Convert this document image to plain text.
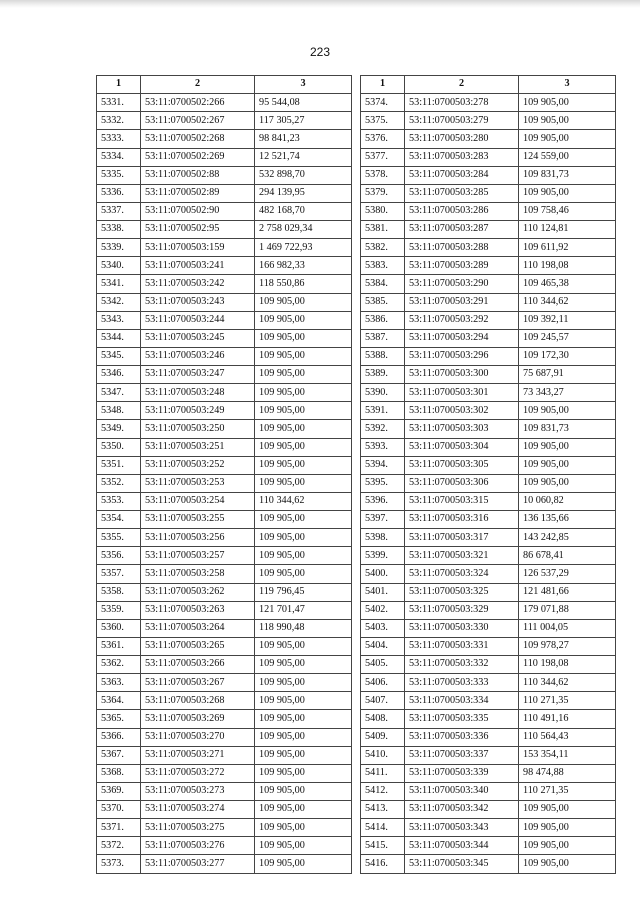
223
1	2	3
5331.	53:11:0700502:266	95 544,08
5332.	53:11:0700502:267	117 305,27
5333.	53:11:0700502:268	98 841,23
5334.	53:11:0700502:269	12 521,74
5335.	53:11:0700502:88	532 898,70
5336.	53:11:0700502:89	294 139,95
5337.	53:11:0700502:90	482 168,70
5338.	53:11:0700502:95	2 758 029,34
5339.	53:11:0700503:159	1 469 722,93
5340.	53:11:0700503:241	166 982,33
5341.	53:11:0700503:242	118 550,86
5342.	53:11:0700503:243	109 905,00
5343.	53:11:0700503:244	109 905,00
5344.	53:11:0700503:245	109 905,00
5345.	53:11:0700503:246	109 905,00
5346.	53:11:0700503:247	109 905,00
5347.	53:11:0700503:248	109 905,00
5348.	53:11:0700503:249	109 905,00
5349.	53:11:0700503:250	109 905,00
5350.	53:11:0700503:251	109 905,00
5351.	53:11:0700503:252	109 905,00
5352.	53:11:0700503:253	109 905,00
5353.	53:11:0700503:254	110 344,62
5354.	53:11:0700503:255	109 905,00
5355.	53:11:0700503:256	109 905,00
5356.	53:11:0700503:257	109 905,00
5357.	53:11:0700503:258	109 905,00
5358.	53:11:0700503:262	119 796,45
5359.	53:11:0700503:263	121 701,47
5360.	53:11:0700503:264	118 990,48
5361.	53:11:0700503:265	109 905,00
5362.	53:11:0700503:266	109 905,00
5363.	53:11:0700503:267	109 905,00
5364.	53:11:0700503:268	109 905,00
5365.	53:11:0700503:269	109 905,00
5366.	53:11:0700503:270	109 905,00
5367.	53:11:0700503:271	109 905,00
5368.	53:11:0700503:272	109 905,00
5369.	53:11:0700503:273	109 905,00
5370.	53:11:0700503:274	109 905,00
5371.	53:11:0700503:275	109 905,00
5372.	53:11:0700503:276	109 905,00
5373.	53:11:0700503:277	109 905,00
1	2	3
5374.	53:11:0700503:278	109 905,00
5375.	53:11:0700503:279	109 905,00
5376.	53:11:0700503:280	109 905,00
5377.	53:11:0700503:283	124 559,00
5378.	53:11:0700503:284	109 831,73
5379.	53:11:0700503:285	109 905,00
5380.	53:11:0700503:286	109 758,46
5381.	53:11:0700503:287	110 124,81
5382.	53:11:0700503:288	109 611,92
5383.	53:11:0700503:289	110 198,08
5384.	53:11:0700503:290	109 465,38
5385.	53:11:0700503:291	110 344,62
5386.	53:11:0700503:292	109 392,11
5387.	53:11:0700503:294	109 245,57
5388.	53:11:0700503:296	109 172,30
5389.	53:11:0700503:300	75 687,91
5390.	53:11:0700503:301	73 343,27
5391.	53:11:0700503:302	109 905,00
5392.	53:11:0700503:303	109 831,73
5393.	53:11:0700503:304	109 905,00
5394.	53:11:0700503:305	109 905,00
5395.	53:11:0700503:306	109 905,00
5396.	53:11:0700503:315	10 060,82
5397.	53:11:0700503:316	136 135,66
5398.	53:11:0700503:317	143 242,85
5399.	53:11:0700503:321	86 678,41
5400.	53:11:0700503:324	126 537,29
5401.	53:11:0700503:325	121 481,66
5402.	53:11:0700503:329	179 071,88
5403.	53:11:0700503:330	111 004,05
5404.	53:11:0700503:331	109 978,27
5405.	53:11:0700503:332	110 198,08
5406.	53:11:0700503:333	110 344,62
5407.	53:11:0700503:334	110 271,35
5408.	53:11:0700503:335	110 491,16
5409.	53:11:0700503:336	110 564,43
5410.	53:11:0700503:337	153 354,11
5411.	53:11:0700503:339	98 474,88
5412.	53:11:0700503:340	110 271,35
5413.	53:11:0700503:342	109 905,00
5414.	53:11:0700503:343	109 905,00
5415.	53:11:0700503:344	109 905,00
5416.	53:11:0700503:345	109 905,00
